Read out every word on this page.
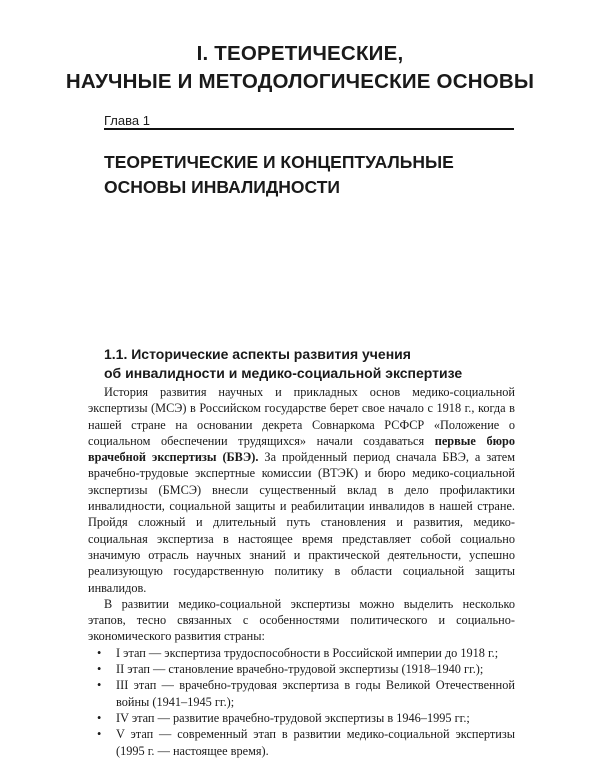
I. ТЕОРЕТИЧЕСКИЕ,
НАУЧНЫЕ И МЕТОДОЛОГИЧЕСКИЕ ОСНОВЫ
Глава 1
ТЕОРЕТИЧЕСКИЕ И КОНЦЕПТУАЛЬНЫЕ
ОСНОВЫ ИНВАЛИДНОСТИ
1.1. Исторические аспекты развития учения
об инвалидности и медико-социальной экспертизе

История развития научных и прикладных основ медико-социальной экспертизы (МСЭ) в Российском государстве берет свое начало с 1918 г., когда в нашей стране на основании декрета Совнаркома РСФСР «Положение о социальном обеспечении трудящихся» начали создаваться первые бюро врачебной экспертизы (БВЭ). За пройденный период сначала БВЭ, а затем врачебно-трудовые экспертные комиссии (ВТЭК) и бюро медико-социальной экспертизы (БМСЭ) внесли существенный вклад в дело профилактики инвалидности, социальной защиты и реабилитации инвалидов в нашей стране. Пройдя сложный и длительный путь становления и развития, медико-социальная экспертиза в настоящее время представляет собой социально значимую отрасль научных знаний и практической деятельности, успешно реализующую государственную политику в области социальной защиты инвалидов.

В развитии медико-социальной экспертизы можно выделить несколько этапов, тесно связанных с особенностями политического и социально-экономического развития страны:

• I этап — экспертиза трудоспособности в Российской империи до 1918 г.;
• II этап — становление врачебно-трудовой экспертизы (1918–1940 гг.);
• III этап — врачебно-трудовая экспертиза в годы Великой Отечественной войны (1941–1945 гг.);
• IV этап — развитие врачебно-трудовой экспертизы в 1946–1995 гг.;
• V этап — современный этап в развитии медико-социальной экспертизы (1995 г. — настоящее время).
